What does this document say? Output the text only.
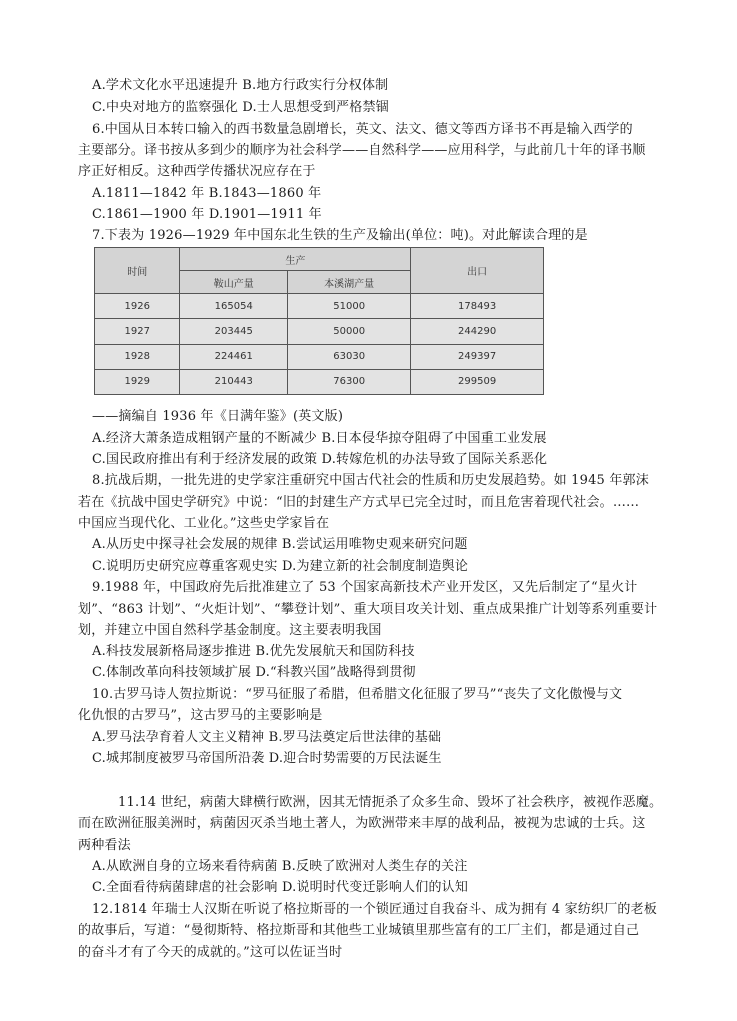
A.学术文化水平迅速提升 B.地方行政实行分权体制
C.中央对地方的监察强化 D.士人思想受到严格禁锢
6.中国从日本转口输入的西书数量急剧增长，英文、法文、德文等西方译书不再是输入西学的
主要部分。译书按从多到少的顺序为社会科学——自然科学——应用科学，与此前几十年的译书顺
序正好相反。这种西学传播状况应存在于
A.1811—1842 年 B.1843—1860 年
C.1861—1900 年 D.1901—1911 年
7.下表为 1926—1929 年中国东北生铁的生产及输出(单位：吨)。对此解读合理的是
时间	生产		出口
	鞍山产量	本溪湖产量	
1926	165054	51000	178493
1927	203445	50000	244290
1928	224461	63030	249397
1929	210443	76300	299509
——摘编自 1936 年《日满年鉴》(英文版)
A.经济大萧条造成粗钢产量的不断减少 B.日本侵华掠夺阻碍了中国重工业发展
C.国民政府推出有利于经济发展的政策 D.转嫁危机的办法导致了国际关系恶化
8.抗战后期，一批先进的史学家注重研究中国古代社会的性质和历史发展趋势。如 1945 年郭沫
若在《抗战中国史学研究》中说：“旧的封建生产方式早已完全过时，而且危害着现代社会。……
中国应当现代化、工业化。”这些史学家旨在
A.从历史中探寻社会发展的规律 B.尝试运用唯物史观来研究问题
C.说明历史研究应尊重客观史实 D.为建立新的社会制度制造舆论
9.1988 年，中国政府先后批准建立了 53 个国家高新技术产业开发区，又先后制定了“星火计
划”、“863 计划”、“火炬计划”、“攀登计划”、重大项目攻关计划、重点成果推广计划等系列重要计
划，并建立中国自然科学基金制度。这主要表明我国
A.科技发展新格局逐步推进 B.优先发展航天和国防科技
C.体制改革向科技领域扩展 D.“科教兴国”战略得到贯彻
10.古罗马诗人贺拉斯说：“罗马征服了希腊，但希腊文化征服了罗马”“丧失了文化傲慢与文
化仇恨的古罗马”，这古罗马的主要影响是
A.罗马法孕育着人文主义精神 B.罗马法奠定后世法律的基础
C.城邦制度被罗马帝国所沿袭 D.迎合时势需要的万民法诞生
11.14 世纪，病菌大肆横行欧洲，因其无情扼杀了众多生命、毁坏了社会秩序，被视作恶魔。
而在欧洲征服美洲时，病菌因灭杀当地土著人，为欧洲带来丰厚的战利品，被视为忠诚的士兵。这
两种看法
A.从欧洲自身的立场来看待病菌 B.反映了欧洲对人类生存的关注
C.全面看待病菌肆虐的社会影响 D.说明时代变迁影响人们的认知
12.1814 年瑞士人汉斯在听说了格拉斯哥的一个锁匠通过自我奋斗、成为拥有 4 家纺织厂的老板
的故事后，写道：“曼彻斯特、格拉斯哥和其他些工业城镇里那些富有的工厂主们，都是通过自己
的奋斗才有了今天的成就的。”这可以佐证当时
